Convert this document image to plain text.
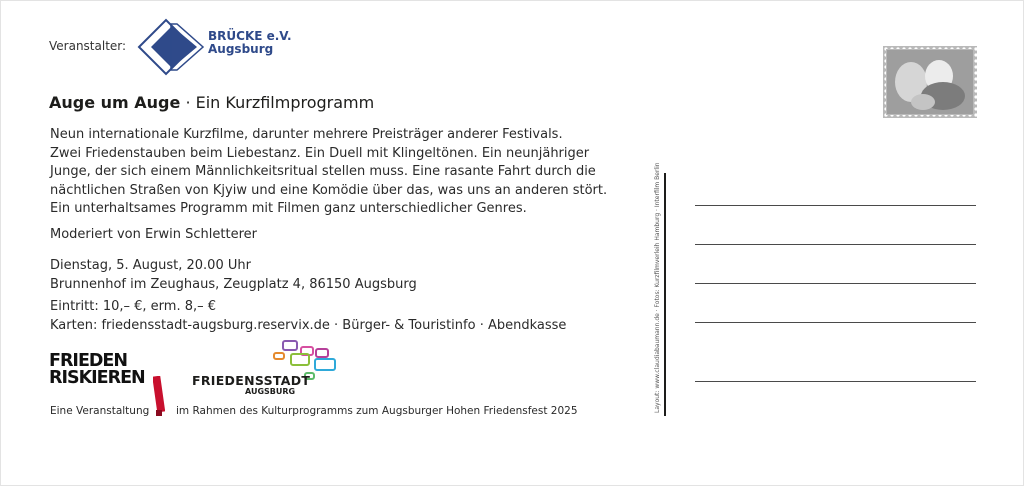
Veranstalter:
BRÜCKE e.V.
Augsburg
Auge um Auge · Ein Kurzfilmprogramm

Neun internationale Kurzfilme, darunter mehrere Preisträger anderer Festivals.

Zwei Friedenstauben beim Liebestanz. Ein Duell mit Klingeltönen. Ein neunjähriger

Junge, der sich einem Männlichkeitsritual stellen muss. Eine rasante Fahrt durch die

nächtlichen Straßen von Kjyiw und eine Komödie über das, was uns an anderen stört.

Ein unterhaltsames Programm mit Filmen ganz unterschiedlicher Genres.

Moderiert von Erwin Schletterer
Dienstag, 5. August, 20.00 Uhr
Brunnenhof im Zeughaus, Zeugplatz 4, 86150 Augsburg
Eintritt: 10,– €, erm. 8,– €
Karten: friedensstadt-augsburg.reservix.de · Bürger- & Touristinfo · Abendkasse
FRIEDEN
RISKIEREN	FRIEDENSSTADT
AUGSBURG
Eine Veranstaltung	im Rahmen des Kulturprogramms zum Augsburger Hohen Friedensfest 2025	Layout: www.claudiabaumann.de · Fotos: Kurzfilmverleih Hamburg · Interfilm Berlin
